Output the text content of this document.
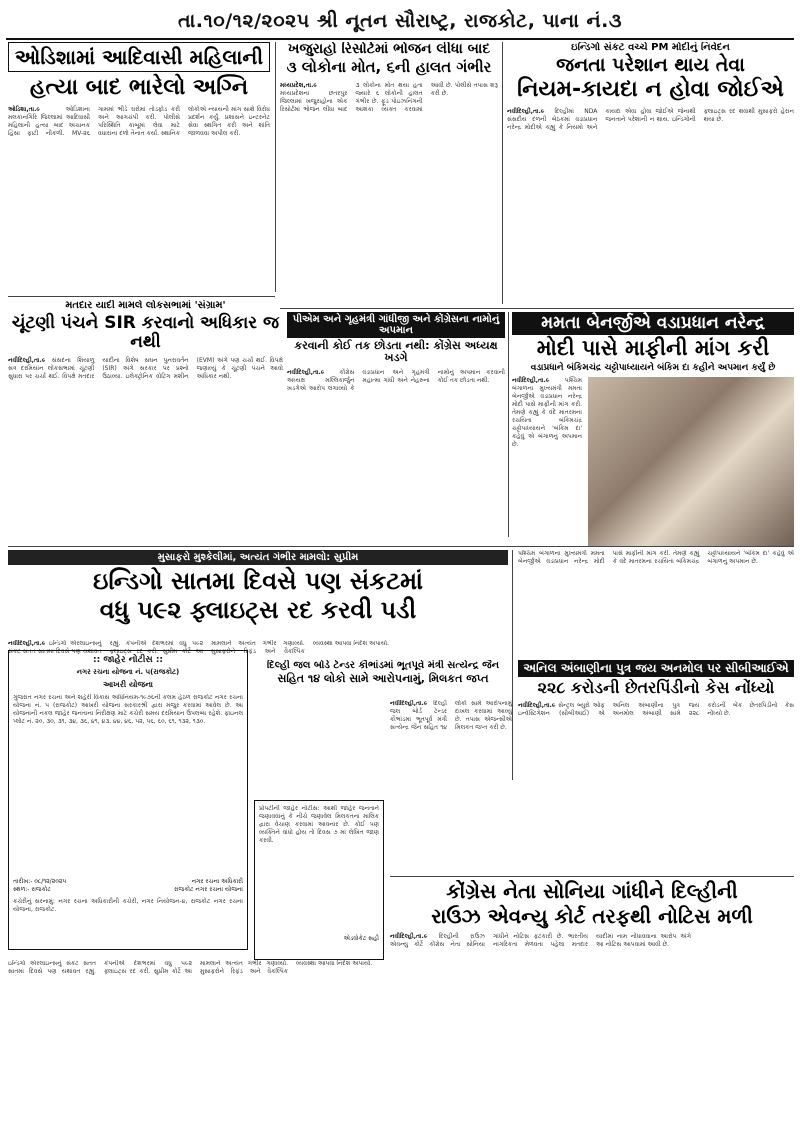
તા.૧૦/૧૨/૨૦૨૫ શ્રી નૂતન સૌરાષ્ટ્ર, રાજકોટ, પાના નં.૩
ઓડિશામાં આદિવાસી મહિલાની
હત્યા બાદ ભારેલો અગ્નિ
ઓડિશા,તા.૯	ઓડિશાના મલકાનગિરિ જિલ્લામાં આદિવાસી મહિલાની હત્યા બાદ અચાનક હિંસા ફાટી નીકળી. MV-૨૬ ગામમાં ભીડે ઘરોમાં તોડફોડ કરી અને આગચંપી કરી. પોલીસે પરિસ્થિતિ કાબૂમાં લેવા માટે વધારાના દળો તૈનાત કર્યા. સ્થાનિક લોકોએ ન્યાયની માંગ સાથે વિરોધ પ્રદર્શન કર્યું. પ્રશાસને ઇન્ટરનેટ સેવા સ્થગિત કરી અને શાંતિ જાળવવા અપીલ કરી.
ખજુરાહો રિસોર્ટમાં ભોજન લીધા બાદ
૩ લોકોના મોત, ૬ની હાલત ગંભીર
મધ્યપ્રદેશ,તા.૯ મધ્યપ્રદેશના છતરપુર જિલ્લામાં ખજુરાહોના એક રિસોર્ટમાં ભોજન લીધા બાદ ૩ લોકોના મોત થયા હતા જ્યારે ૬ લોકોની હાલત ગંભીર છે. ફૂડ પોઇઝનિંગની આશંકા વ્યક્ત કરવામાં આવી છે. પોલીસે તપાસ શરૂ કરી છે.
ઇન્ડિગો સંકટ વચ્ચે PM મોદીનું નિવેદન
જનતા પરેશાન થાય તેવા
નિયમ-કાયદા ન હોવા જોઈએ
નવીદિલ્હી,તા.૯ દિલ્હીમાં NDA સંસદીય દળની બેઠકમાં વડાપ્રધાન નરેન્દ્ર મોદીએ કહ્યું કે નિયમો અને કાયદા એવા હોવા જોઈએ જેનાથી જનતાને પરેશાની ન થાય. ઇન્ડિગોની ફ્લાઇટ્સ રદ થવાથી મુસાફરો હેરાન થયા છે.
મતદાર યાદી મામલે લોકસભામાં 'સંગ્રામ'
ચૂંટણી પંચને SIR કરવાનો અધિકાર જ નથી
નવીદિલ્હી,તા.૯ સંસદના શિયાળુ સત્ર દરમિયાન લોકસભામાં ચૂંટણી સુધારા પર ચર્ચા થઈ. વિપક્ષે મતદાર યાદીના વિશેષ સઘન પુનરાવર્તન (SIR) અંગે સરકાર પર પ્રશ્નો ઉઠાવ્યા. ઇલેક્ટ્રોનિક વોટિંગ મશીન (EVM) અંગે પણ ચર્ચા થઈ. વિપક્ષે જણાવ્યું કે ચૂંટણી પંચને આવો અધિકાર નથી.
પીએમ અને ગૃહમંત્રી ગાંધીજી અને કોંગ્રેસના નામોનું અપમાન
કરવાની કોઈ તક છોડતા નથી: કોંગ્રેસ અધ્યક્ષ ખડગે
નવીદિલ્હી,તા.૯	કોંગ્રેસ અધ્યક્ષ મલ્લિકાર્જુન ખડગેએ આરોપ લગાવ્યો કે વડાપ્રધાન અને ગૃહમંત્રી મહાત્મા ગાંધી અને નેહરુના નામોનું અપમાન કરવાની કોઈ તક છોડતા નથી.
મમતા બેનર્જીએ વડાપ્રધાન નરેન્દ્ર
મોદી પાસે માફીની માંગ કરી
વડાપ્રધાને બંકિમચંદ્ર ચટ્ટોપાધ્યાયને બંકિમ દા કહીને અપમાન કર્યું છે
નવીદિલ્હી,તા.૯	પશ્ચિમ બંગાળના મુખ્યમંત્રી મમતા બેનર્જીએ વડાપ્રધાન નરેન્દ્ર મોદી પાસે માફીની માંગ કરી. તેમણે કહ્યું કે વંદે માતરમના રચયિતા બંકિમચંદ્ર ચટ્ટોપાધ્યાયને 'બંકિમ દા' કહેવું એ બંગાળનું અપમાન છે.
મુસાફરો મુશ્કેલીમાં, અત્યંત ગંભીર મામલો: સુપ્રીમ
ઇન્ડિગો સાતમા દિવસે પણ સંકટમાં
વધુ ૫૯૨ ફ્લાઇટ્સ રદ કરવી પડી
નવીદિલ્હી,તા.૯ ઇન્ડિગો એરલાઇન્સનું સંકટ સતત સાતમા દિવસે પણ યથાવત રહ્યું. કંપનીએ દેશભરમાં વધુ ૫૯૨ ફ્લાઇટ્સ રદ કરી. સુપ્રીમ કોર્ટે આ મામલાને અત્યંત ગંભીર ગણાવ્યો. મુસાફરોને રિફંડ અને વૈકલ્પિક વ્યવસ્થા આપવા નિર્દેશ અપાયો.
પશ્ચિમ બંગાળના મુખ્યમંત્રી મમતા બેનર્જીએ વડાપ્રધાન નરેન્દ્ર મોદી પાસે માફીની માંગ કરી. તેમણે કહ્યું કે વંદે માતરમના રચયિતા બંકિમચંદ્ર ચટ્ટોપાધ્યાયને 'બંકિમ દા' કહેવું એ બંગાળનું અપમાન છે.
:: જાહેર નોટીસ ::
નગર રચના યોજના નં. ૫(રાજકોટ)
આખરી યોજના
ગુજરાત નગર રચના અને શહેરી વિકાસ અધિનિયમ-૧૯૭૬ની કલમ હેઠળ રાજકોટ નગર રચના યોજના નં. ૫ (રાજકોટ) આખરી યોજના સરકારશ્રી દ્વારા મંજુર કરવામાં આવેલ છે. આ યોજનાની નકલ જાહેર જનતાના નિરીક્ષણ માટે કચેરી સમય દરમિયાન ઉપલબ્ધ રહેશે. ફાઇનલ પ્લોટ નં. ૨૦, ૩૦, ૩૧, ૩૪, ૩૬, ૪૧, ૪૩, ૪૪, ૪૬, ૫૨, ૫૬, ૬૦, ૬૧, ૧૩૨, ૧૩૦.
તારીખ:- ૦૮/૧૨/૨૦૨૫
સ્થળ:- રાજકોટ
નગર રચના અધિકારી
રાજકોટ નગર રચના યોજના
કચેરીનું સરનામું: નગર રચના અધિકારીની કચેરી, નગર નિયોજન-૪, રાજકોટ નગર રચના યોજના, રાજકોટ.
પ્રોપર્ટીની જાહેર નોટીસ: આથી જાહેર જનતાને જણાવવાનું કે નીચે જણાવેલ મિલકતના માલિક દ્વારા વેચાણ કરવામાં આવનાર છે. કોઈ પણ વ્યક્તિને વાંધો હોય તો દિવસ ૭ માં લેખિત જાણ કરવી.
એડવોકેટ સહી
દિલ્હી જલ બોર્ડ ટેન્ડર કૌભાંડમાં ભૂતપૂર્વ મંત્રી સત્યેન્દ્ર જૈન
સહિત ૧૪ લોકો સામે આરોપનામું, મિલકત જપ્ત
નવીદિલ્હી,તા.૯ દિલ્હી જલ બોર્ડ ટેન્ડર કૌભાંડમાં ભૂતપૂર્વ મંત્રી સત્યેન્દ્ર જૈન સહિત ૧૪ લોકો સામે આરોપનામું દાખલ કરવામાં આવ્યું છે. તપાસ એજન્સીએ મિલકત જપ્ત કરી છે.
અનિલ અંબાણીના પુત્ર જય અનમોલ પર સીબીઆઈએ
૨૨૮ કરોડની છેતરપિંડીનો કેસ નોંધ્યો
નવીદિલ્હી,તા.૯ સેન્ટ્રલ બ્યુરો ઓફ ઇન્વેસ્ટિગેશન (સીબીઆઈ) એ અનિલ અંબાણીના પુત્ર જય અનમોલ અંબાણી સામે ૨૨૮ કરોડની બેંક છેતરપિંડીનો કેસ નોંધ્યો છે.
કોંગ્રેસ નેતા સોનિયા ગાંધીને દિલ્હીની
રાઉઝ એવન્યુ કોર્ટ તરફથી નોટિસ મળી
નવીદિલ્હી,તા.૯ દિલ્હીની રાઉઝ એવન્યુ કોર્ટે કોંગ્રેસ નેતા સોનિયા ગાંધીને નોટિસ ફટકારી છે. ભારતીય નાગરિકતા મેળવતા પહેલા મતદાર યાદીમાં નામ નોંધાવવાના આરોપ અંગે આ નોટિસ આપવામાં આવી છે.
ઇન્ડિગો એરલાઇન્સનું સંકટ સતત સાતમા દિવસે પણ યથાવત રહ્યું. કંપનીએ દેશભરમાં વધુ ૫૯૨ ફ્લાઇટ્સ રદ કરી. સુપ્રીમ કોર્ટે આ મામલાને અત્યંત ગંભીર ગણાવ્યો. મુસાફરોને રિફંડ અને વૈકલ્પિક વ્યવસ્થા આપવા નિર્દેશ અપાયો.
